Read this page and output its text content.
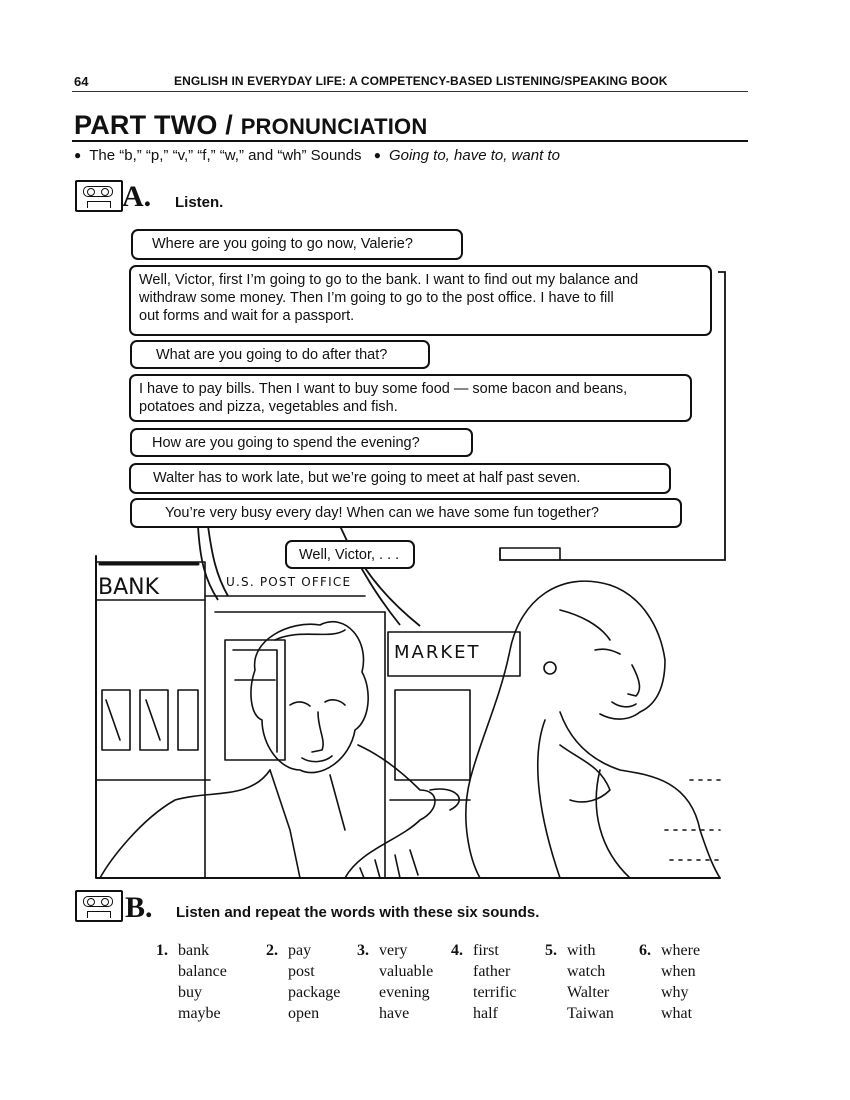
64	ENGLISH IN EVERYDAY LIFE: A COMPETENCY-BASED LISTENING/SPEAKING BOOK
PART TWO / PRONUNCIATION
● The “b,” “p,” “v,” “f,” “w,” and “wh” Sounds ● Going to, have to, want to
A. Listen.
BANK	U.S. POST OFFICE
MARKET
Where are you going to go now, Valerie?
Well, Victor, first I’m going to go to the bank. I want to find out my balance and
withdraw some money. Then I’m going to go to the post office. I have to fill
out forms and wait for a passport.
What are you going to do after that?
I have to pay bills. Then I want to buy some food — some bacon and beans,
potatoes and pizza, vegetables and fish.
How are you going to spend the evening?
Walter has to work late, but we’re going to meet at half past seven.
You’re very busy every day! When can we have some fun together?
Well, Victor, . . .
B. Listen and repeat the words with these six sounds.
1. bank
balance
buy
maybe
2. pay
post
package
open
3. very
valuable
evening
have
4. first
father
terrific
half
5. with
watch
Walter
Taiwan
6. where
when
why
what
